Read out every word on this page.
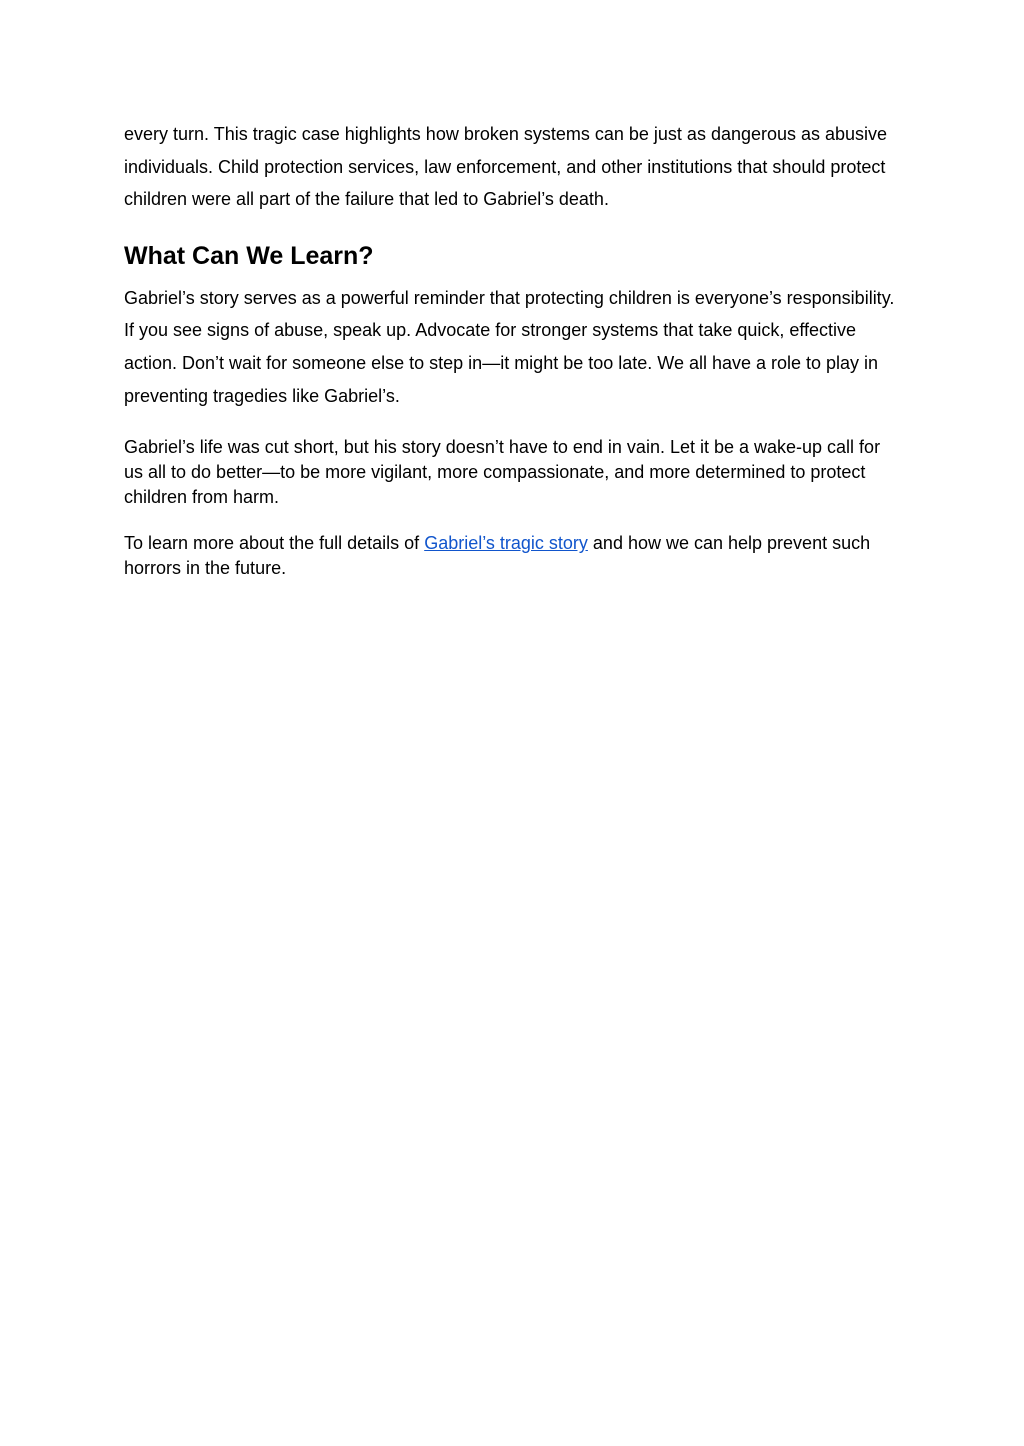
every turn. This tragic case highlights how broken systems can be just as dangerous as abusive individuals. Child protection services, law enforcement, and other institutions that should protect children were all part of the failure that led to Gabriel’s death.

What Can We Learn?

Gabriel’s story serves as a powerful reminder that protecting children is everyone’s responsibility. If you see signs of abuse, speak up. Advocate for stronger systems that take quick, effective action. Don’t wait for someone else to step in—it might be too late. We all have a role to play in preventing tragedies like Gabriel’s.

Gabriel’s life was cut short, but his story doesn’t have to end in vain. Let it be a wake-up call for us all to do better—to be more vigilant, more compassionate, and more determined to protect children from harm.

To learn more about the full details of Gabriel’s tragic story and how we can help prevent such horrors in the future.
